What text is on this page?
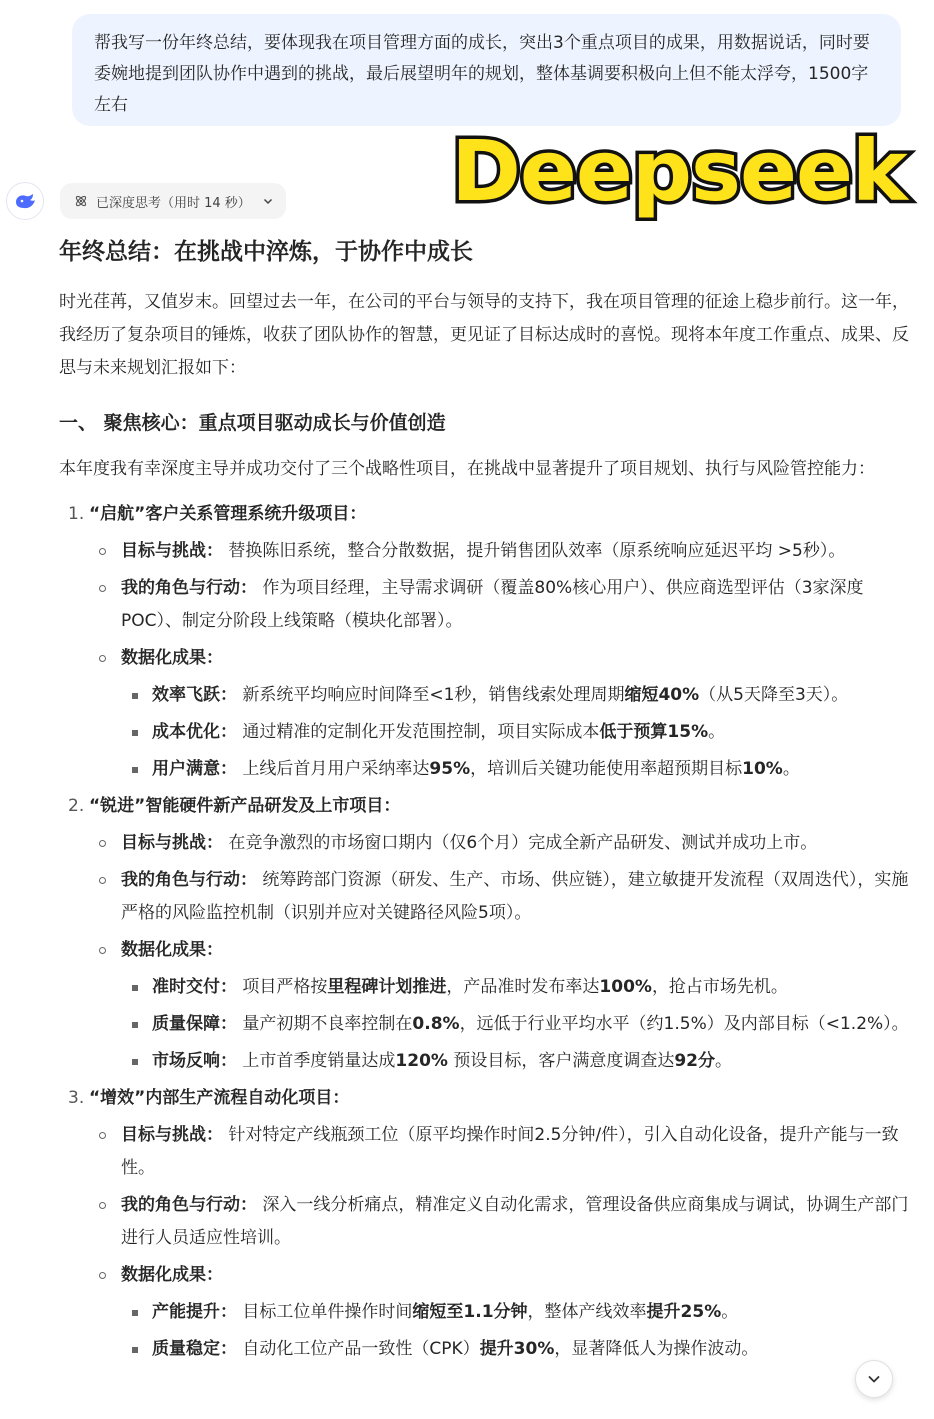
帮我写一份年终总结，要体现我在项目管理方面的成长，突出3个重点项目的成果，用数据说话，同时要委婉地提到团队协作中遇到的挑战，最后展望明年的规划，整体基调要积极向上但不能太浮夸，1500字左右
Deepseek
已深度思考（用时 14 秒）
年终总结：在挑战中淬炼，于协作中成长

时光荏苒，又值岁末。回望过去一年，在公司的平台与领导的支持下，我在项目管理的征途上稳步前行。这一年，我经历了复杂项目的锤炼，收获了团队协作的智慧，更见证了目标达成时的喜悦。现将本年度工作重点、成果、反思与未来规划汇报如下：

一、 聚焦核心：重点项目驱动成长与价值创造

本年度我有幸深度主导并成功交付了三个战略性项目，在挑战中显著提升了项目规划、执行与风险管控能力：

1. “启航”客户关系管理系统升级项目：
目标与挑战： 替换陈旧系统，整合分散数据，提升销售团队效率（原系统响应延迟平均 >5秒）。
我的角色与行动： 作为项目经理，主导需求调研（覆盖80%核心用户）、供应商选型评估（3家深度POC）、制定分阶段上线策略（模块化部署）。
数据化成果：
效率飞跃： 新系统平均响应时间降至<1秒，销售线索处理周期缩短40%（从5天降至3天）。
成本优化： 通过精准的定制化开发范围控制，项目实际成本低于预算15%。
用户满意： 上线后首月用户采纳率达95%，培训后关键功能使用率超预期目标10%。
2. “锐进”智能硬件新产品研发及上市项目：
目标与挑战： 在竞争激烈的市场窗口期内（仅6个月）完成全新产品研发、测试并成功上市。
我的角色与行动： 统筹跨部门资源（研发、生产、市场、供应链），建立敏捷开发流程（双周迭代），实施严格的风险监控机制（识别并应对关键路径风险5项）。
数据化成果：
准时交付： 项目严格按里程碑计划推进，产品准时发布率达100%，抢占市场先机。
质量保障： 量产初期不良率控制在0.8%，远低于行业平均水平（约1.5%）及内部目标（<1.2%）。
市场反响： 上市首季度销量达成120% 预设目标，客户满意度调查达92分。
3. “增效”内部生产流程自动化项目：
目标与挑战： 针对特定产线瓶颈工位（原平均操作时间2.5分钟/件），引入自动化设备，提升产能与一致性。
我的角色与行动： 深入一线分析痛点，精准定义自动化需求，管理设备供应商集成与调试，协调生产部门进行人员适应性培训。
数据化成果：
产能提升： 目标工位单件操作时间缩短至1.1分钟，整体产线效率提升25%。
质量稳定： 自动化工位产品一致性（CPK）提升30%，显著降低人为操作波动。
